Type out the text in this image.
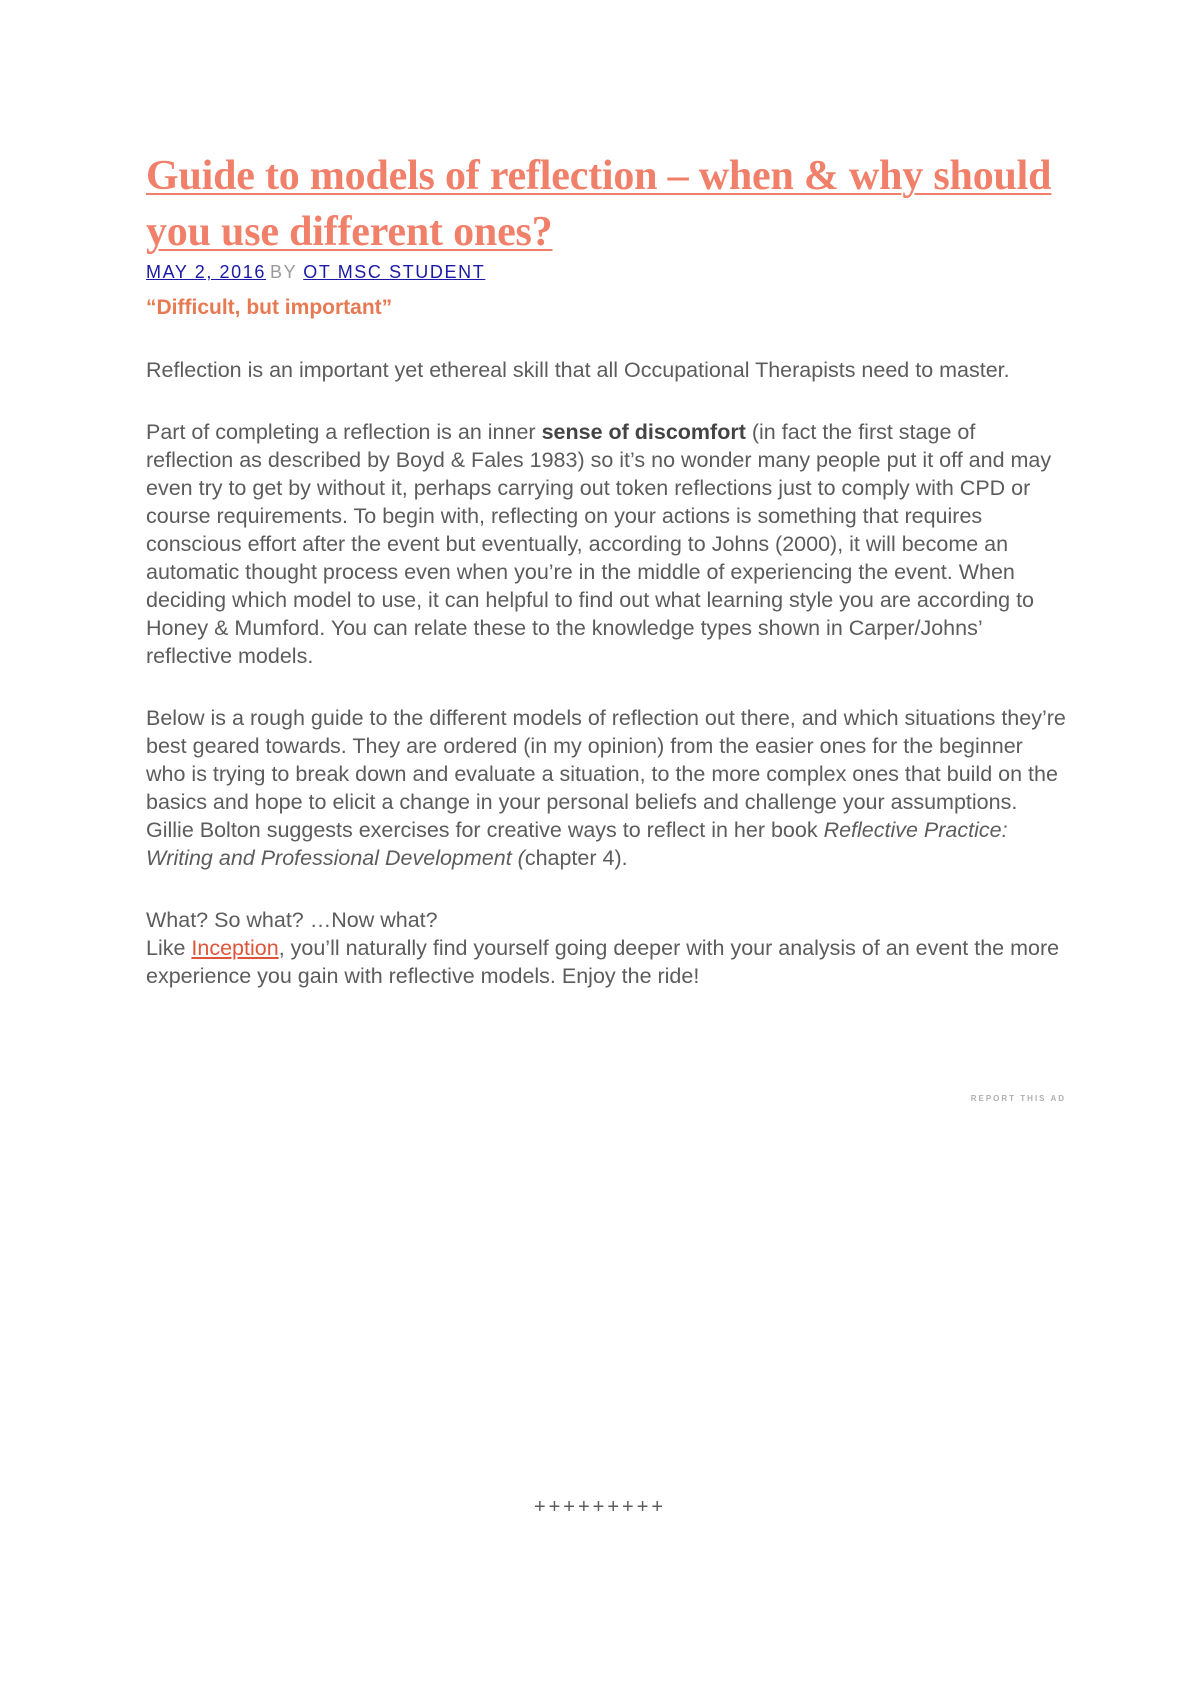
Guide to models of reflection – when & why should you use different ones?
MAY 2, 2016 BY OT MSC STUDENT
“Difficult, but important”

Reflection is an important yet ethereal skill that all Occupational Therapists need to master.

Part of completing a reflection is an inner sense of discomfort (in fact the first stage of reflection as described by Boyd & Fales 1983) so it’s no wonder many people put it off and may even try to get by without it, perhaps carrying out token reflections just to comply with CPD or course requirements. To begin with, reflecting on your actions is something that requires conscious effort after the event but eventually, according to Johns (2000), it will become an automatic thought process even when you’re in the middle of experiencing the event. When deciding which model to use, it can helpful to find out what learning style you are according to Honey & Mumford. You can relate these to the knowledge types shown in Carper/Johns’ reflective models.

Below is a rough guide to the different models of reflection out there, and which situations they’re best geared towards. They are ordered (in my opinion) from the easier ones for the beginner who is trying to break down and evaluate a situation, to the more complex ones that build on the basics and hope to elicit a change in your personal beliefs and challenge your assumptions. Gillie Bolton suggests exercises for creative ways to reflect in her book Reflective Practice: Writing and Professional Development (chapter 4).

What? So what? …Now what?
Like Inception, you’ll naturally find yourself going deeper with your analysis of an event the more experience you gain with reflective models. Enjoy the ride!

REPORT THIS AD
+++++++++
